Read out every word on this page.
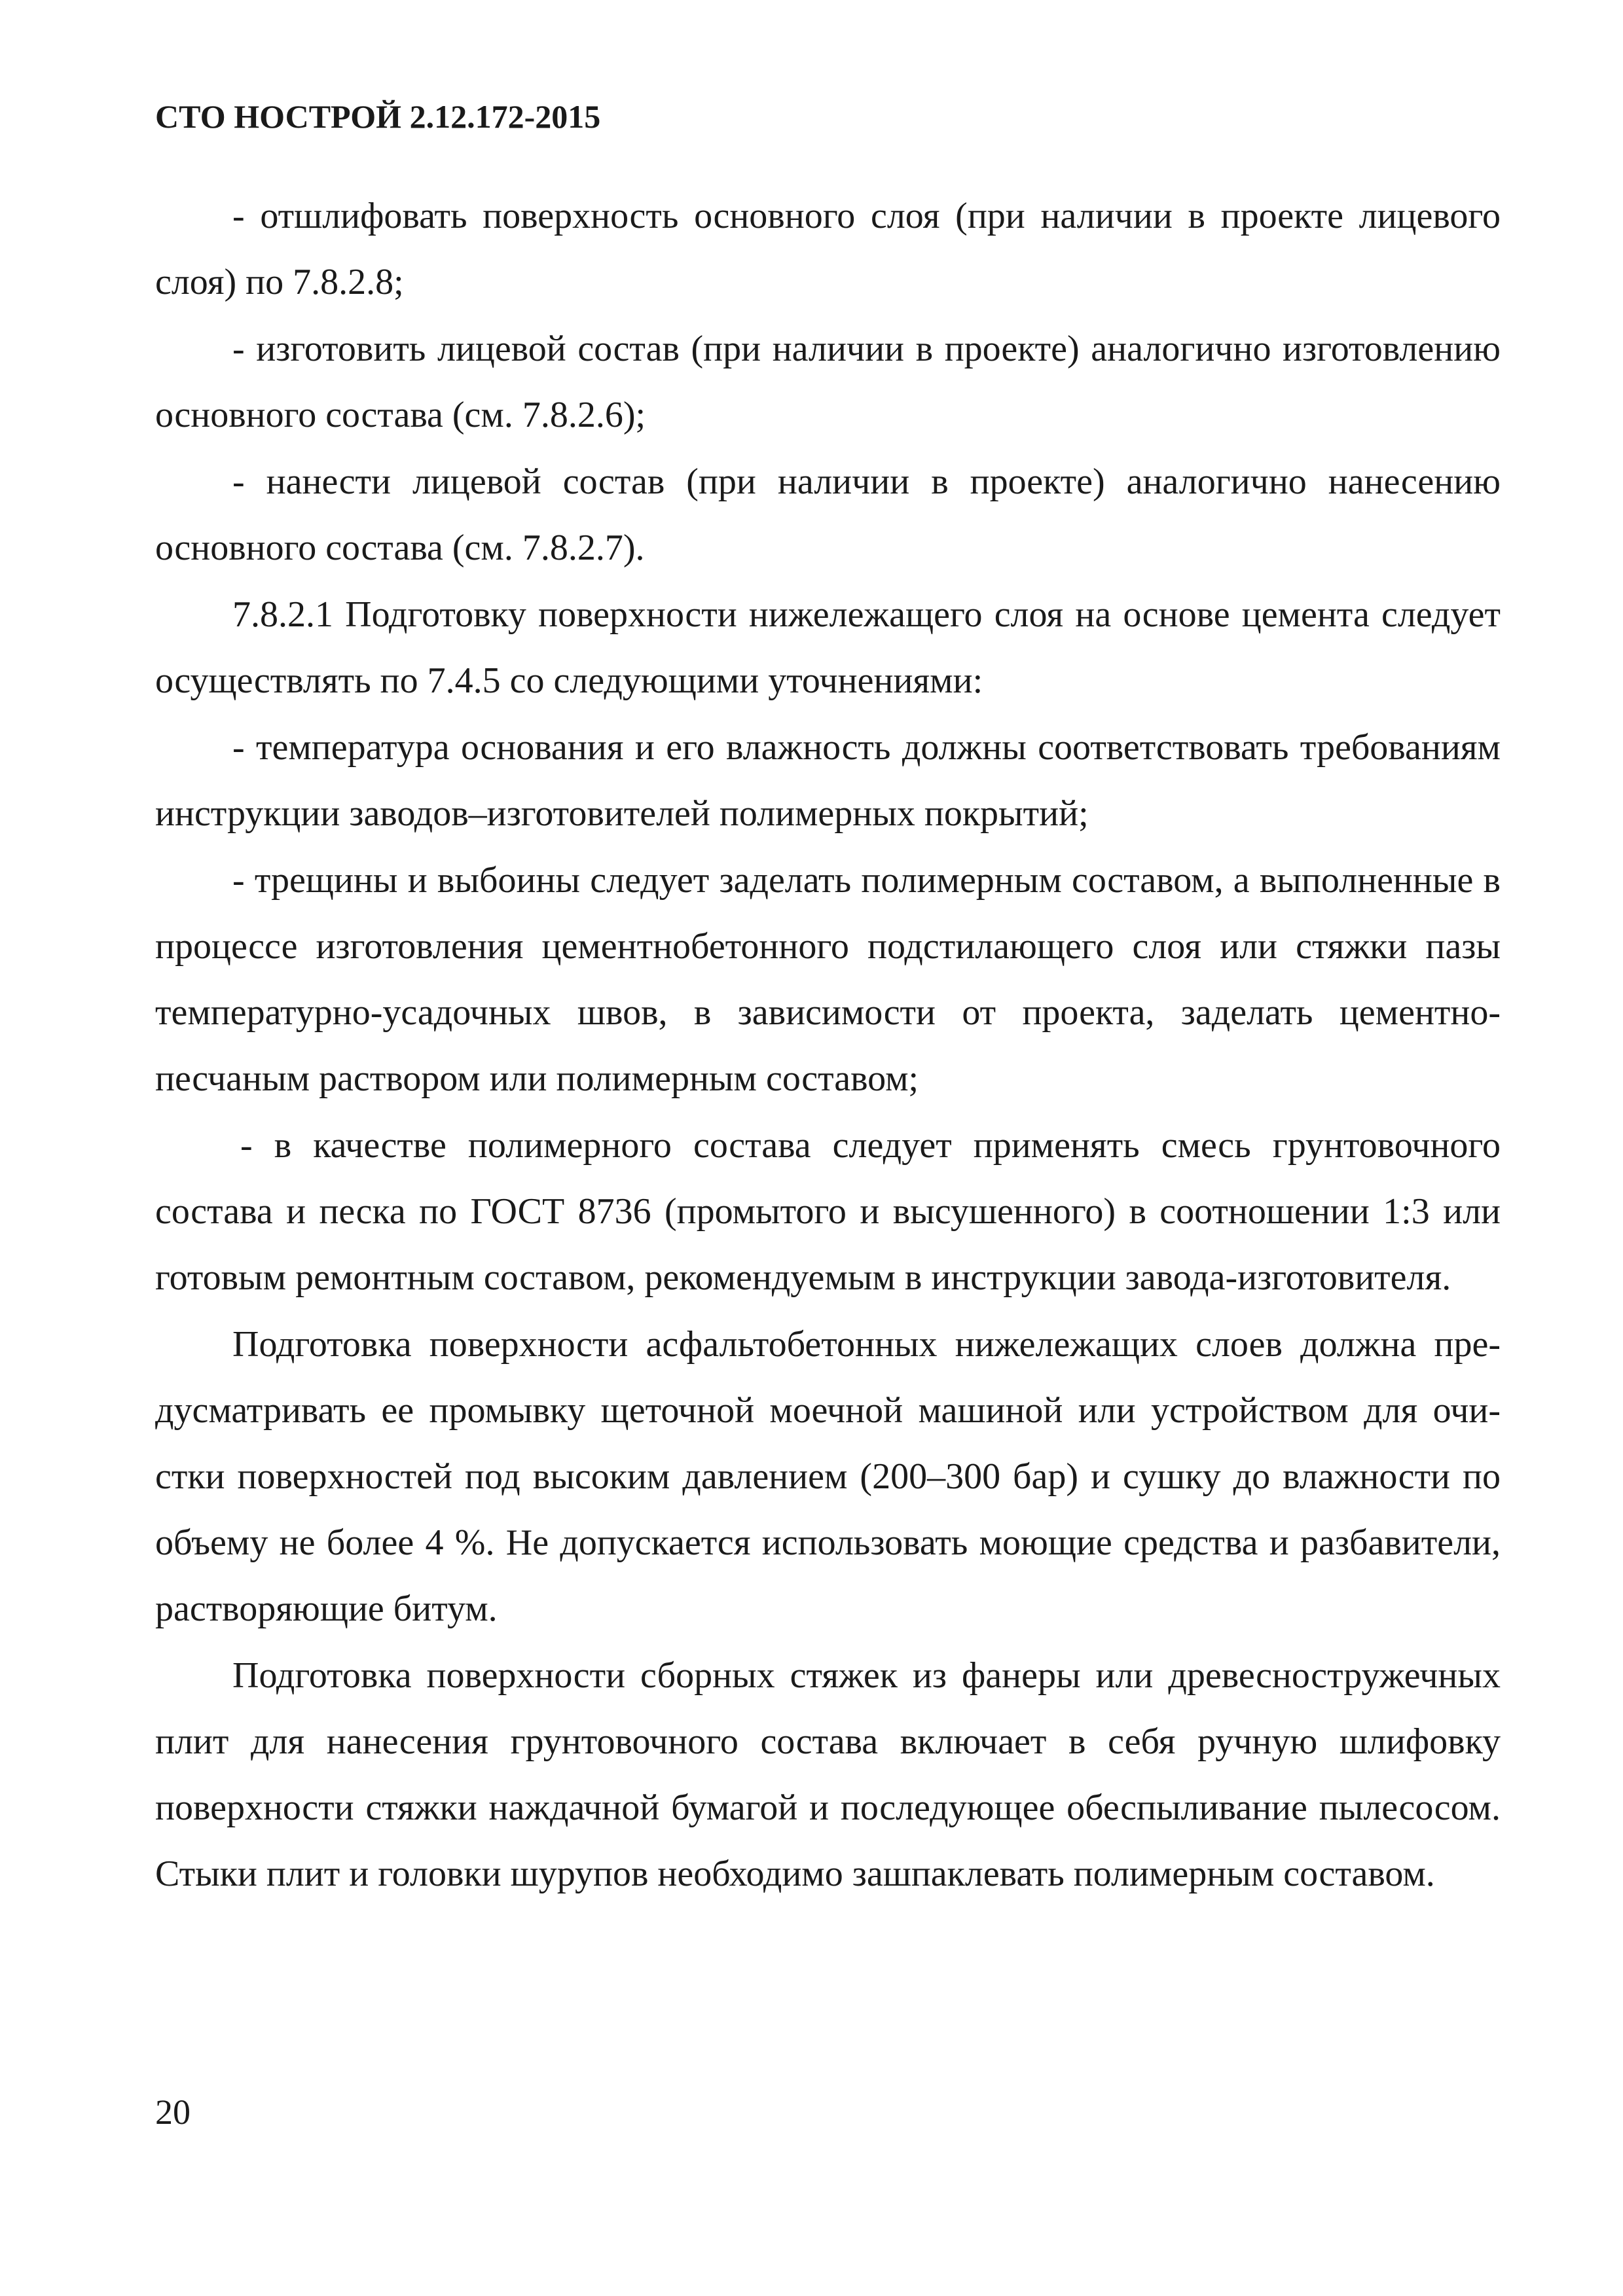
СТО НОСТРОЙ 2.12.172-2015

- отшлифовать поверхность основного слоя (при наличии в проекте лицевого слоя) по 7.8.2.8;

- изготовить лицевой состав (при наличии в проекте) аналогично изготовлению основного состава (см. 7.8.2.6);

- нанести лицевой состав (при наличии в проекте) аналогично нанесению основного состава (см. 7.8.2.7).

7.8.2.1 Подготовку поверхности нижележащего слоя на основе цемента следует осуществлять по 7.4.5 со следующими уточнениями:

- температура основания и его влажность должны соответствовать требованиям инструкции заводов–изготовителей полимерных покрытий;

- трещины и выбоины следует заделать полимерным составом, а выполненные в процессе изготовления цементнобетонного подстилающего слоя или стяжки пазы температурно-усадочных швов, в зависимости от проекта, заделать цементно-песчаным раствором или полимерным составом;

- в качестве полимерного состава следует применять смесь грунтовочного состава и песка по ГОСТ 8736 (промытого и высушенного) в соотношении 1:3 или готовым ремонтным составом, рекомендуемым в инструкции завода-изготовителя.

Подготовка поверхности асфальтобетонных нижележащих слоев должна предусматривать ее промывку щеточной моечной машиной или устройством для очистки поверхностей под высоким давлением (200–300 бар) и сушку до влажности по объему не более 4 %. Не допускается использовать моющие средства и разбавители, растворяющие битум.

Подготовка поверхности сборных стяжек из фанеры или древесностружечных плит для нанесения грунтовочного состава включает в себя ручную шлифовку поверхности стяжки наждачной бумагой и последующее обеспыливание пылесосом. Стыки плит и головки шурупов необходимо зашпаклевать полимерным составом.

20
